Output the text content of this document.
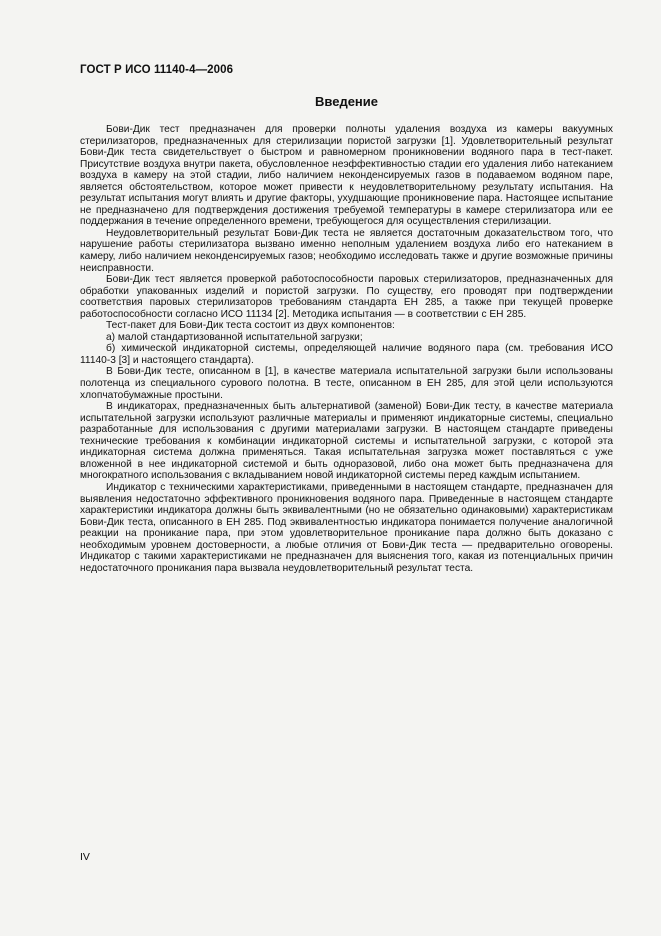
ГОСТ Р ИСО 11140-4—2006
Введение

Бови-Дик тест предназначен для проверки полноты удаления воздуха из камеры вакуумных стерилизаторов, предназначенных для стерилизации пористой загрузки [1]. Удовлетворительный результат Бови-Дик теста свидетельствует о быстром и равномерном проникновении водяного пара в тест-пакет. Присутствие воздуха внутри пакета, обусловленное неэффективностью стадии его удаления либо натеканием воздуха в камеру на этой стадии, либо наличием неконденсируемых газов в подаваемом водяном паре, является обстоятельством, которое может привести к неудовлетворительному результату испытания. На результат испытания могут влиять и другие факторы, ухудшающие проникновение пара. Настоящее испытание не предназначено для подтверждения достижения требуемой температуры в камере стерилизатора или ее поддержания в течение определенного времени, требующегося для осуществления стерилизации.

Неудовлетворительный результат Бови-Дик теста не является достаточным доказательством того, что нарушение работы стерилизатора вызвано именно неполным удалением воздуха либо его натеканием в камеру, либо наличием неконденсируемых газов; необходимо исследовать также и другие возможные причины неисправности.

Бови-Дик тест является проверкой работоспособности паровых стерилизаторов, предназначенных для обработки упакованных изделий и пористой загрузки. По существу, его проводят при подтверждении соответствия паровых стерилизаторов требованиям стандарта ЕН 285, а также при текущей проверке работоспособности согласно ИСО 11134 [2]. Методика испытания — в соответствии с ЕН 285.

Тест-пакет для Бови-Дик теста состоит из двух компонентов:

а) малой стандартизованной испытательной загрузки;

б) химической индикаторной системы, определяющей наличие водяного пара (см. требования ИСО 11140-3 [3] и настоящего стандарта).

В Бови-Дик тесте, описанном в [1], в качестве материала испытательной загрузки были использованы полотенца из специального сурового полотна. В тесте, описанном в ЕН 285, для этой цели используются хлопчатобумажные простыни.

В индикаторах, предназначенных быть альтернативой (заменой) Бови-Дик тесту, в качестве материала испытательной загрузки используют различные материалы и применяют индикаторные системы, специально разработанные для использования с другими материалами загрузки. В настоящем стандарте приведены технические требования к комбинации индикаторной системы и испытательной загрузки, с которой эта индикаторная система должна применяться. Такая испытательная загрузка может поставляться с уже вложенной в нее индикаторной системой и быть одноразовой, либо она может быть предназначена для многократного использования с вкладыванием новой индикаторной системы перед каждым испытанием.

Индикатор с техническими характеристиками, приведенными в настоящем стандарте, предназначен для выявления недостаточно эффективного проникновения водяного пара. Приведенные в настоящем стандарте характеристики индикатора должны быть эквивалентными (но не обязательно одинаковыми) характеристикам Бови-Дик теста, описанного в ЕН 285. Под эквивалентностью индикатора понимается получение аналогичной реакции на проникание пара, при этом удовлетворительное проникание пара должно быть доказано с необходимым уровнем достоверности, а любые отличия от Бови-Дик теста — предварительно оговорены. Индикатор с такими характеристиками не предназначен для выяснения того, какая из потенциальных причин недостаточного проникания пара вызвала неудовлетворительный результат теста.

IV
